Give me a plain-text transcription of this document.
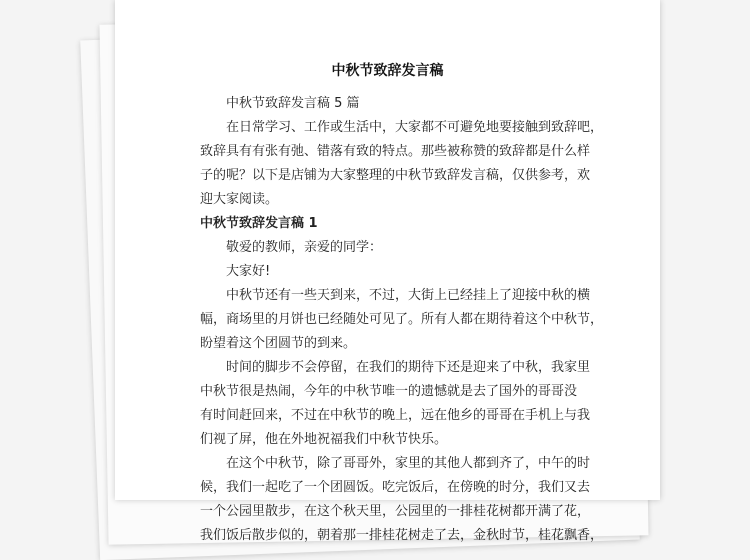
中秋节致辞发言稿
中秋节致辞发言稿 5 篇
在日常学习、工作或生活中，大家都不可避免地要接触到致辞吧，
致辞具有有张有弛、错落有致的特点。那些被称赞的致辞都是什么样
子的呢？以下是店铺为大家整理的中秋节致辞发言稿，仅供参考，欢
迎大家阅读。
中秋节致辞发言稿 1
敬爱的教师，亲爱的同学：
大家好!
中秋节还有一些天到来，不过，大街上已经挂上了迎接中秋的横
幅，商场里的月饼也已经随处可见了。所有人都在期待着这个中秋节，
盼望着这个团圆节的到来。
时间的脚步不会停留，在我们的期待下还是迎来了中秋，我家里
中秋节很是热闹，今年的中秋节唯一的遗憾就是去了国外的哥哥没
有时间赶回来，不过在中秋节的晚上，远在他乡的哥哥在手机上与我
们视了屏，他在外地祝福我们中秋节快乐。
在这个中秋节，除了哥哥外，家里的其他人都到齐了，中午的时
候，我们一起吃了一个团圆饭。吃完饭后，在傍晚的时分，我们又去
一个公园里散步，在这个秋天里，公园里的一排桂花树都开满了花，
我们饭后散步似的，朝着那一排桂花树走了去，金秋时节，桂花飘香，
